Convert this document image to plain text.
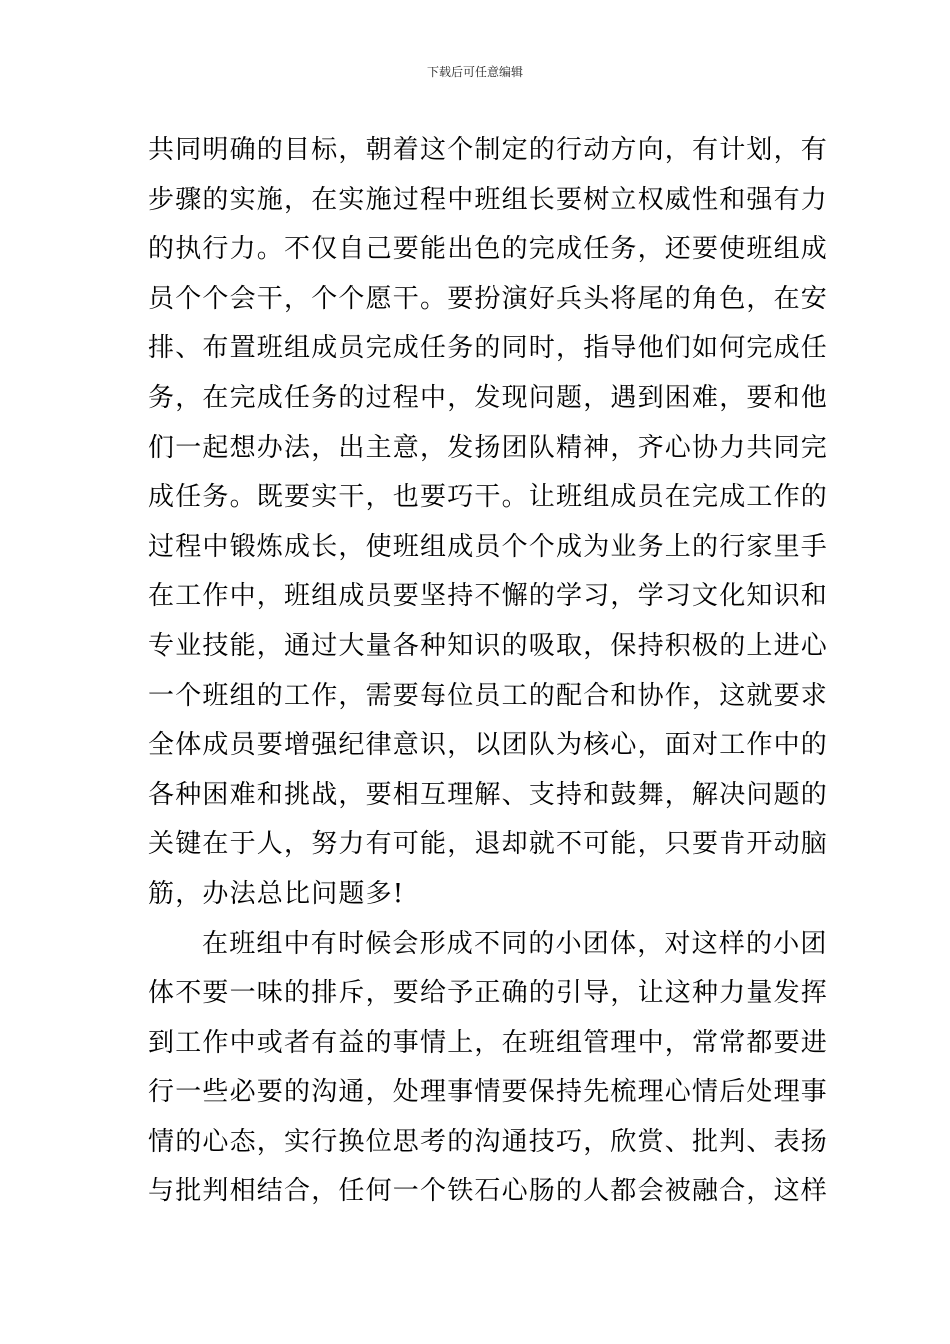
下载后可任意编辑
共同明确的目标，朝着这个制定的行动方向，有计划，有
步骤的实施，在实施过程中班组长要树立权威性和强有力
的执行力。不仅自己要能出色的完成任务，还要使班组成
员个个会干，个个愿干。要扮演好兵头将尾的角色，在安
排、布置班组成员完成任务的同时，指导他们如何完成任
务，在完成任务的过程中，发现问题，遇到困难，要和他
们一起想办法，出主意，发扬团队精神，齐心协力共同完
成任务。既要实干，也要巧干。让班组成员在完成工作的
过程中锻炼成长，使班组成员个个成为业务上的行家里手
在工作中，班组成员要坚持不懈的学习，学习文化知识和
专业技能，通过大量各种知识的吸取，保持积极的上进心
一个班组的工作，需要每位员工的配合和协作，这就要求
全体成员要增强纪律意识，以团队为核心，面对工作中的
各种困难和挑战，要相互理解、支持和鼓舞，解决问题的
关键在于人，努力有可能，退却就不可能，只要肯开动脑
筋，办法总比问题多!
在班组中有时候会形成不同的小团体，对这样的小团
体不要一味的排斥，要给予正确的引导，让这种力量发挥
到工作中或者有益的事情上，在班组管理中，常常都要进
行一些必要的沟通，处理事情要保持先梳理心情后处理事
情的心态，实行换位思考的沟通技巧，欣赏、批判、表扬
与批判相结合，任何一个铁石心肠的人都会被融合，这样
